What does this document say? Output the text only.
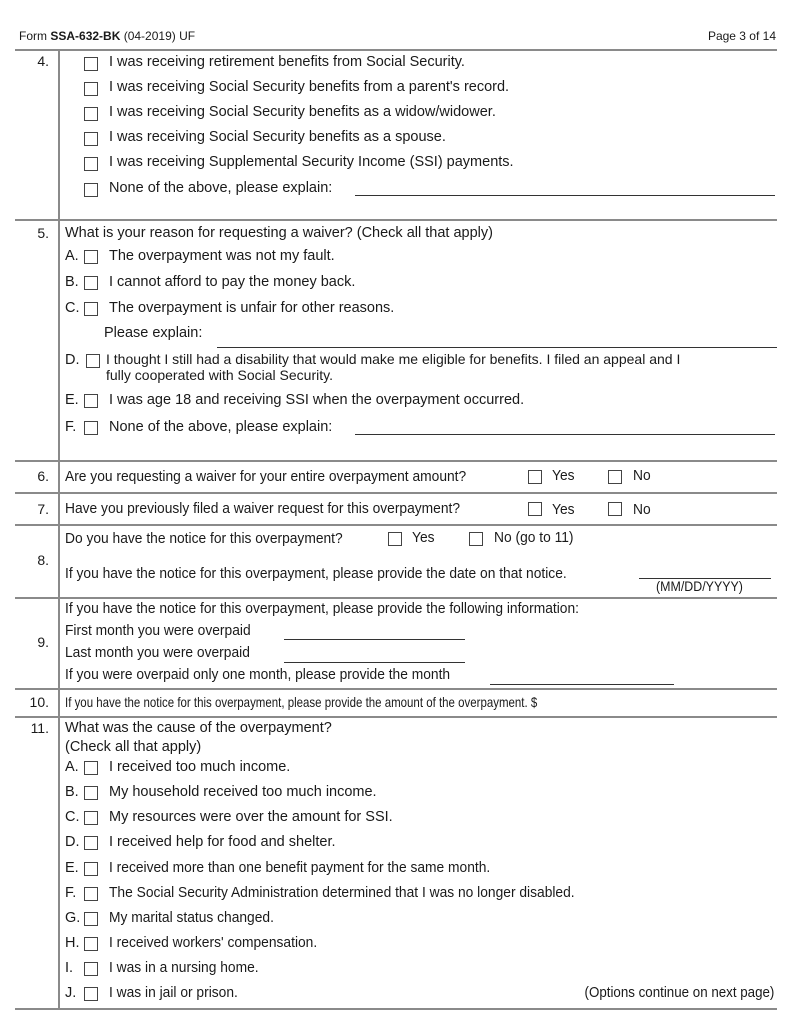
Form SSA-632-BK (04-2019) UF	Page 3 of 14
4.	I was receiving retirement benefits from Social Security.
I was receiving Social Security benefits from a parent's record.
I was receiving Social Security benefits as a widow/widower.
I was receiving Social Security benefits as a spouse.
I was receiving Supplemental Security Income (SSI) payments.
None of the above, please explain:
5. What is your reason for requesting a waiver? (Check all that apply)
A. The overpayment was not my fault.
B. I cannot afford to pay the money back.
C. The overpayment is unfair for other reasons.
Please explain:
D. I thought I still had a disability that would make me eligible for benefits. I filed an appeal and I
fully cooperated with Social Security.
E. I was age 18 and receiving SSI when the overpayment occurred.
F. None of the above, please explain:
6. Are you requesting a waiver for your entire overpayment amount?	Yes	No
7. Have you previously filed a waiver request for this overpayment?	Yes	No
8.
Do you have the notice for this overpayment?	Yes	No (go to 11)
If you have the notice for this overpayment, please provide the date on that notice.
(MM/DD/YYYY)
9.
If you have the notice for this overpayment, please provide the following information:
First month you were overpaid
Last month you were overpaid
If you were overpaid only one month, please provide the month
10. If you have the notice for this overpayment, please provide the amount of the overpayment. $
11. What was the cause of the overpayment?
(Check all that apply)
A. I received too much income.
B. My household received too much income.
C. My resources were over the amount for SSI.
D. I received help for food and shelter.
E. I received more than one benefit payment for the same month.
F. The Social Security Administration determined that I was no longer disabled.
G. My marital status changed.
H. I received workers' compensation.
I. I was in a nursing home.
J. I was in jail or prison.	(Options continue on next page)
